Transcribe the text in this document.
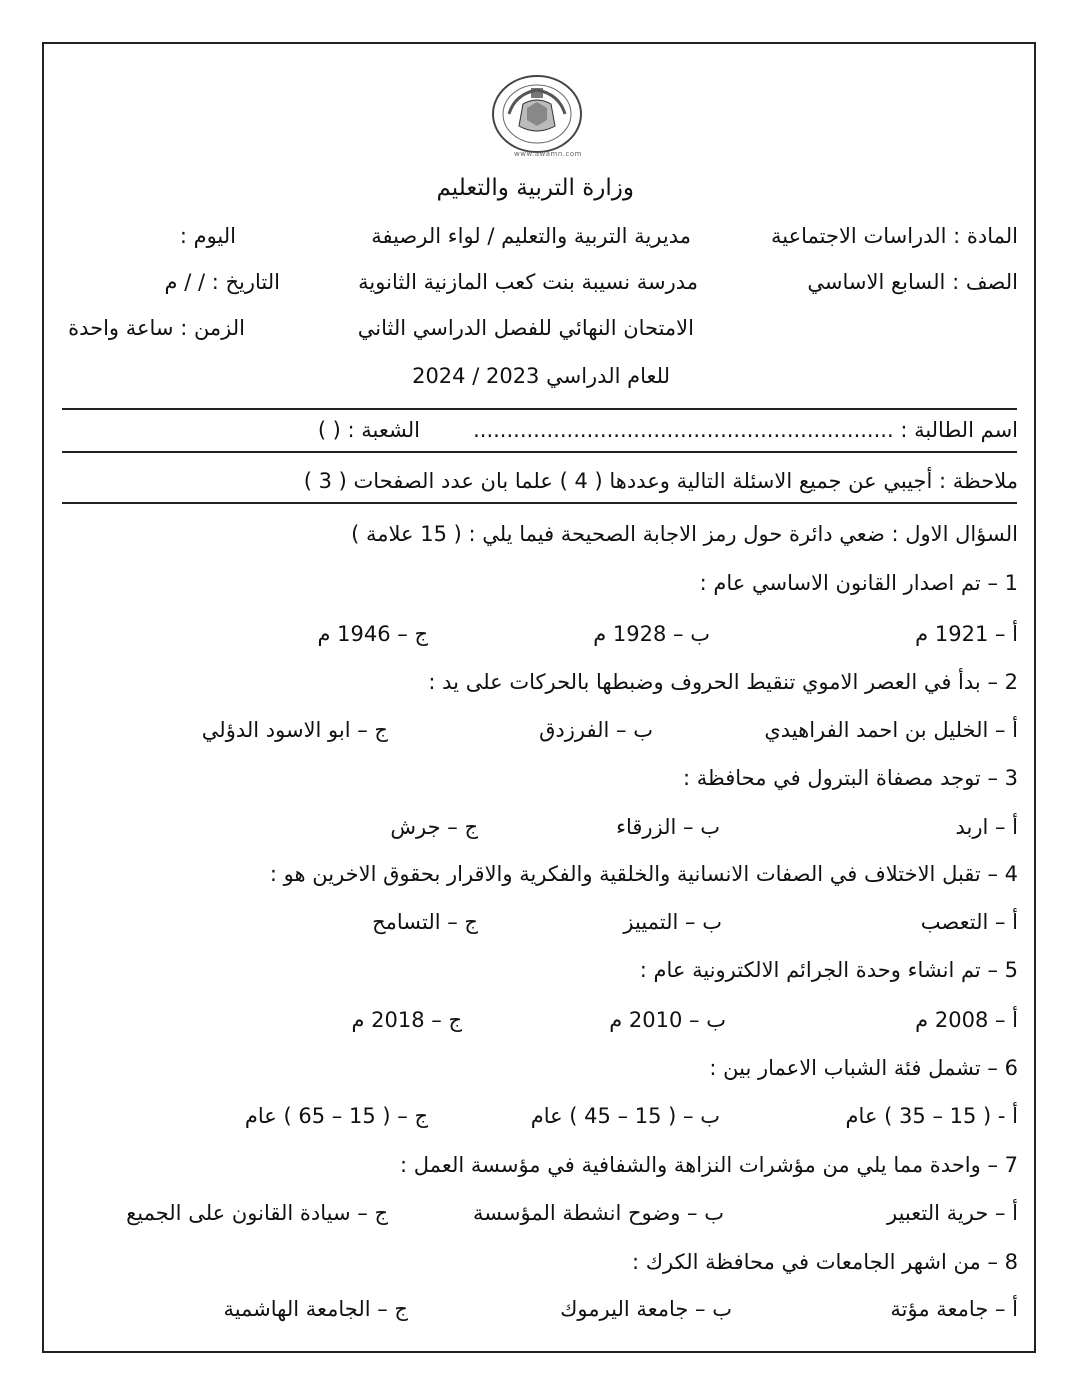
www.awamn.com
وزارة التربية والتعليم
المادة : الدراسات الاجتماعية
مديرية التربية والتعليم / لواء الرصيفة
اليوم :
الصف : السابع الاساسي
مدرسة نسيبة بنت كعب المازنية الثانوية
التاريخ : / / م
الامتحان النهائي للفصل الدراسي الثاني
الزمن : ساعة واحدة
للعام الدراسي 2023 / 2024
اسم الطالبة : ...............................................................
الشعبة : ( )
ملاحظة : أجيبي عن جميع الاسئلة التالية وعددها ( 4 ) علما بان عدد الصفحات ( 3 )
السؤال الاول : ضعي دائرة حول رمز الاجابة الصحيحة فيما يلي : ( 15 علامة )
1 – تم اصدار القانون الاساسي عام :
أ – 1921 م
ب – 1928 م
ج – 1946 م
2 – بدأ في العصر الاموي تنقيط الحروف وضبطها بالحركات على يد :
أ – الخليل بن احمد الفراهيدي
ب – الفرزدق
ج – ابو الاسود الدؤلي
3 – توجد مصفاة البترول في محافظة :
أ – اربد
ب – الزرقاء
ج – جرش
4 – تقبل الاختلاف في الصفات الانسانية والخلقية والفكرية والاقرار بحقوق الاخرين هو :
أ – التعصب
ب – التمييز
ج – التسامح
5 – تم انشاء وحدة الجرائم الالكترونية عام :
أ – 2008 م
ب – 2010 م
ج – 2018 م
6 – تشمل فئة الشباب الاعمار بين :
أ - ( 15 – 35 ) عام
ب – ( 15 – 45 ) عام
ج – ( 15 – 65 ) عام
7 – واحدة مما يلي من مؤشرات النزاهة والشفافية في مؤسسة العمل :
أ – حرية التعبير
ب – وضوح انشطة المؤسسة
ج – سيادة القانون على الجميع
8 – من اشهر الجامعات في محافظة الكرك :
أ – جامعة مؤتة
ب – جامعة اليرموك
ج – الجامعة الهاشمية
